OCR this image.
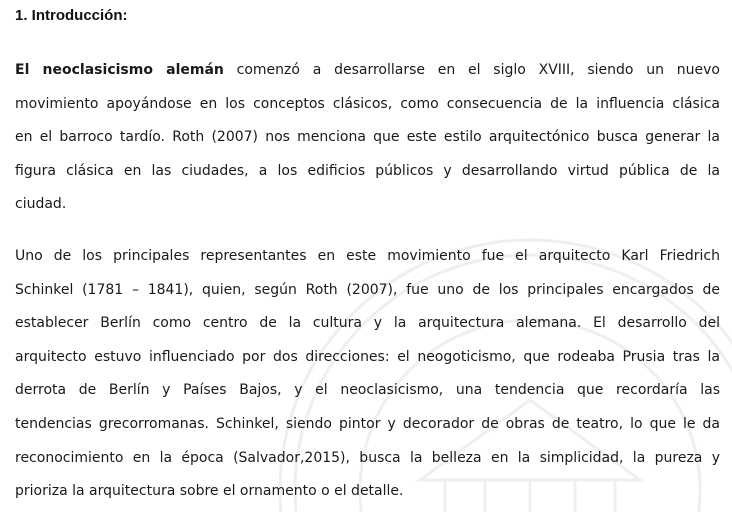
1. Introducción:

El neoclasicismo alemán comenzó a desarrollarse en el siglo XVIII, siendo un nuevo
movimiento apoyándose en los conceptos clásicos, como consecuencia de la influencia clásica
en el barroco tardío. Roth (2007) nos menciona que este estilo arquitectónico busca generar la
figura clásica en las ciudades, a los edificios públicos y desarrollando virtud pública de la
ciudad.

Uno de los principales representantes en este movimiento fue el arquitecto Karl Friedrich
Schinkel (1781 – 1841), quien, según Roth (2007), fue uno de los principales encargados de
establecer Berlín como centro de la cultura y la arquitectura alemana. El desarrollo del
arquitecto estuvo influenciado por dos direcciones: el neogoticismo, que rodeaba Prusia tras la
derrota de Berlín y Países Bajos, y el neoclasicismo, una tendencia que recordaría las
tendencias grecorromanas. Schinkel, siendo pintor y decorador de obras de teatro, lo que le da
reconocimiento en la época (Salvador,2015), busca la belleza en la simplicidad, la pureza y
prioriza la arquitectura sobre el ornamento o el detalle.
